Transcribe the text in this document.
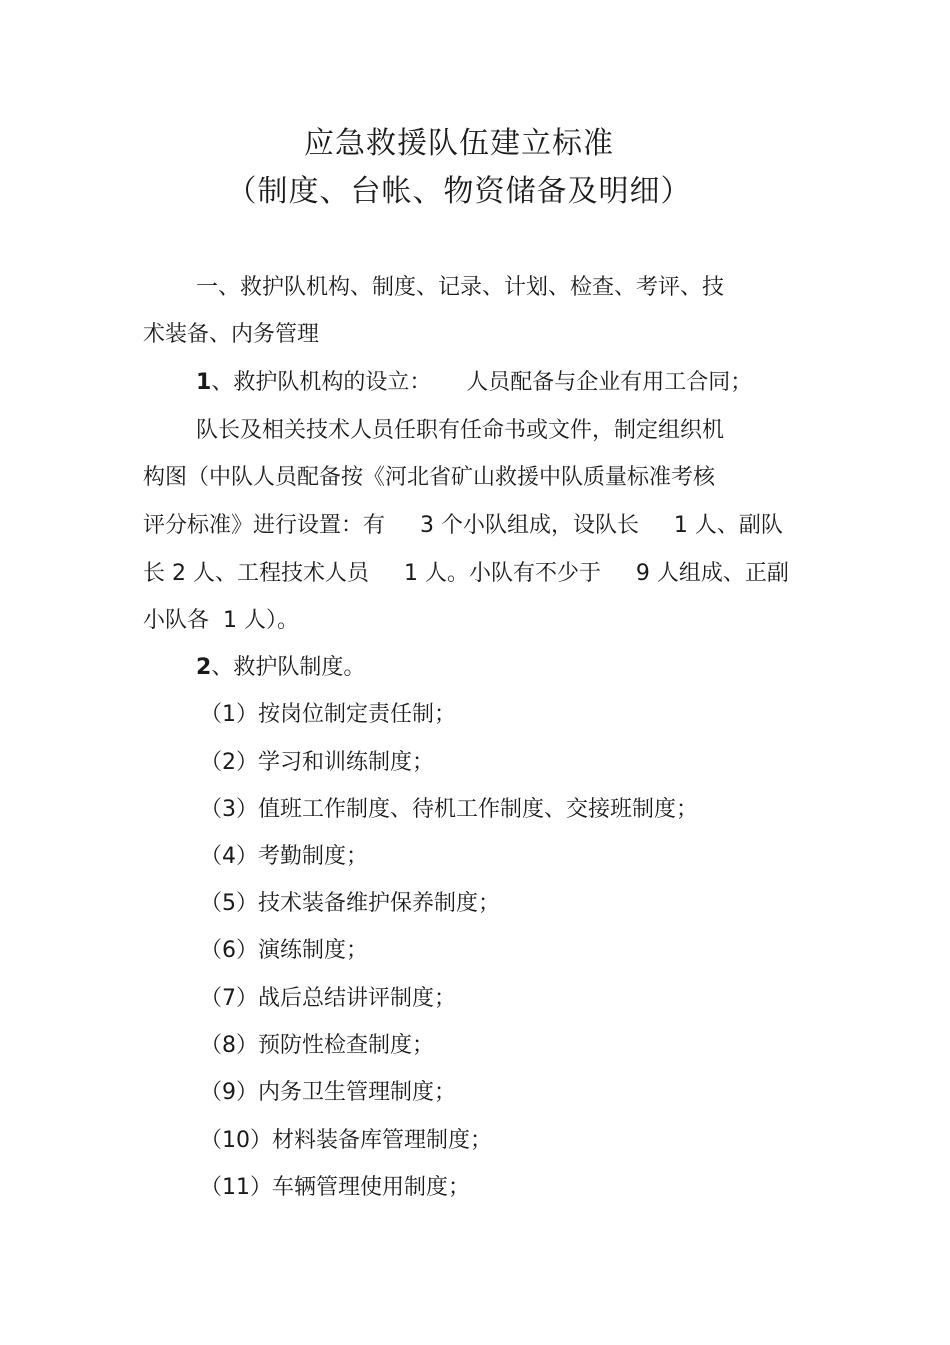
应急救援队伍建立标准
（制度、台帐、物资储备及明细）
一、救护队机构、制度、记录、计划、检查、考评、技
术装备、内务管理
1、救护队机构的设立：     人员配备与企业有用工合同；
队长及相关技术人员任职有任命书或文件，制定组织机
构图（中队人员配备按《河北省矿山救援中队质量标准考核
评分标准》进行设置：有     3 个小队组成，设队长     1 人、副队
长 2 人、工程技术人员     1 人。小队有不少于     9 人组成、正副
小队各  1 人）。
2、救护队制度。
（1）按岗位制定责任制；
（2）学习和训练制度；
（3）值班工作制度、待机工作制度、交接班制度；
（4）考勤制度；
（5）技术装备维护保养制度；
（6）演练制度；
（7）战后总结讲评制度；
（8）预防性检查制度；
（9）内务卫生管理制度；
（10）材料装备库管理制度；
（11）车辆管理使用制度；
